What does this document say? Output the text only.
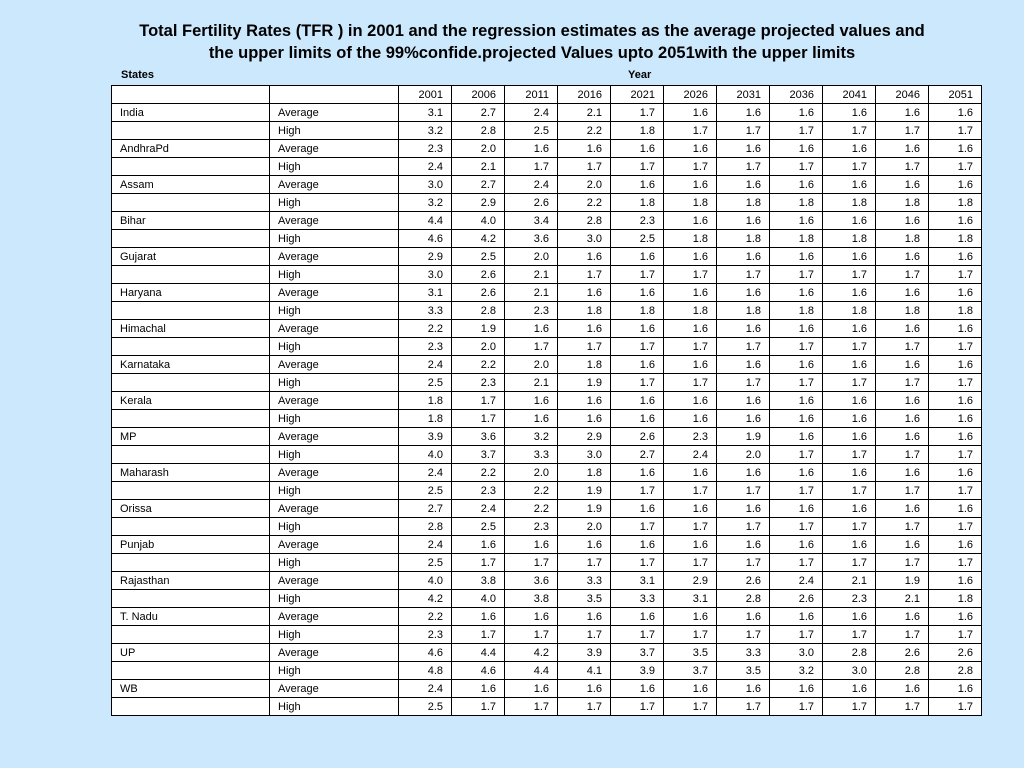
Total Fertility Rates (TFR ) in 2001 and the regression estimates as the average projected values and
the upper limits of the 99%confide.projected Values upto 2051with the upper limits
States	Year
		2001	2006	2011	2016	2021	2026	2031	2036	2041	2046	2051
India	Average	3.1	2.7	2.4	2.1	1.7	1.6	1.6	1.6	1.6	1.6	1.6
	High	3.2	2.8	2.5	2.2	1.8	1.7	1.7	1.7	1.7	1.7	1.7
AndhraPd	Average	2.3	2.0	1.6	1.6	1.6	1.6	1.6	1.6	1.6	1.6	1.6
	High	2.4	2.1	1.7	1.7	1.7	1.7	1.7	1.7	1.7	1.7	1.7
Assam	Average	3.0	2.7	2.4	2.0	1.6	1.6	1.6	1.6	1.6	1.6	1.6
	High	3.2	2.9	2.6	2.2	1.8	1.8	1.8	1.8	1.8	1.8	1.8
Bihar	Average	4.4	4.0	3.4	2.8	2.3	1.6	1.6	1.6	1.6	1.6	1.6
	High	4.6	4.2	3.6	3.0	2.5	1.8	1.8	1.8	1.8	1.8	1.8
Gujarat	Average	2.9	2.5	2.0	1.6	1.6	1.6	1.6	1.6	1.6	1.6	1.6
	High	3.0	2.6	2.1	1.7	1.7	1.7	1.7	1.7	1.7	1.7	1.7
Haryana	Average	3.1	2.6	2.1	1.6	1.6	1.6	1.6	1.6	1.6	1.6	1.6
	High	3.3	2.8	2.3	1.8	1.8	1.8	1.8	1.8	1.8	1.8	1.8
Himachal	Average	2.2	1.9	1.6	1.6	1.6	1.6	1.6	1.6	1.6	1.6	1.6
	High	2.3	2.0	1.7	1.7	1.7	1.7	1.7	1.7	1.7	1.7	1.7
Karnataka	Average	2.4	2.2	2.0	1.8	1.6	1.6	1.6	1.6	1.6	1.6	1.6
	High	2.5	2.3	2.1	1.9	1.7	1.7	1.7	1.7	1.7	1.7	1.7
Kerala	Average	1.8	1.7	1.6	1.6	1.6	1.6	1.6	1.6	1.6	1.6	1.6
	High	1.8	1.7	1.6	1.6	1.6	1.6	1.6	1.6	1.6	1.6	1.6
MP	Average	3.9	3.6	3.2	2.9	2.6	2.3	1.9	1.6	1.6	1.6	1.6
	High	4.0	3.7	3.3	3.0	2.7	2.4	2.0	1.7	1.7	1.7	1.7
Maharash	Average	2.4	2.2	2.0	1.8	1.6	1.6	1.6	1.6	1.6	1.6	1.6
	High	2.5	2.3	2.2	1.9	1.7	1.7	1.7	1.7	1.7	1.7	1.7
Orissa	Average	2.7	2.4	2.2	1.9	1.6	1.6	1.6	1.6	1.6	1.6	1.6
	High	2.8	2.5	2.3	2.0	1.7	1.7	1.7	1.7	1.7	1.7	1.7
Punjab	Average	2.4	1.6	1.6	1.6	1.6	1.6	1.6	1.6	1.6	1.6	1.6
	High	2.5	1.7	1.7	1.7	1.7	1.7	1.7	1.7	1.7	1.7	1.7
Rajasthan	Average	4.0	3.8	3.6	3.3	3.1	2.9	2.6	2.4	2.1	1.9	1.6
	High	4.2	4.0	3.8	3.5	3.3	3.1	2.8	2.6	2.3	2.1	1.8
T. Nadu	Average	2.2	1.6	1.6	1.6	1.6	1.6	1.6	1.6	1.6	1.6	1.6
	High	2.3	1.7	1.7	1.7	1.7	1.7	1.7	1.7	1.7	1.7	1.7
UP	Average	4.6	4.4	4.2	3.9	3.7	3.5	3.3	3.0	2.8	2.6	2.6
	High	4.8	4.6	4.4	4.1	3.9	3.7	3.5	3.2	3.0	2.8	2.8
WB	Average	2.4	1.6	1.6	1.6	1.6	1.6	1.6	1.6	1.6	1.6	1.6
	High	2.5	1.7	1.7	1.7	1.7	1.7	1.7	1.7	1.7	1.7	1.7
